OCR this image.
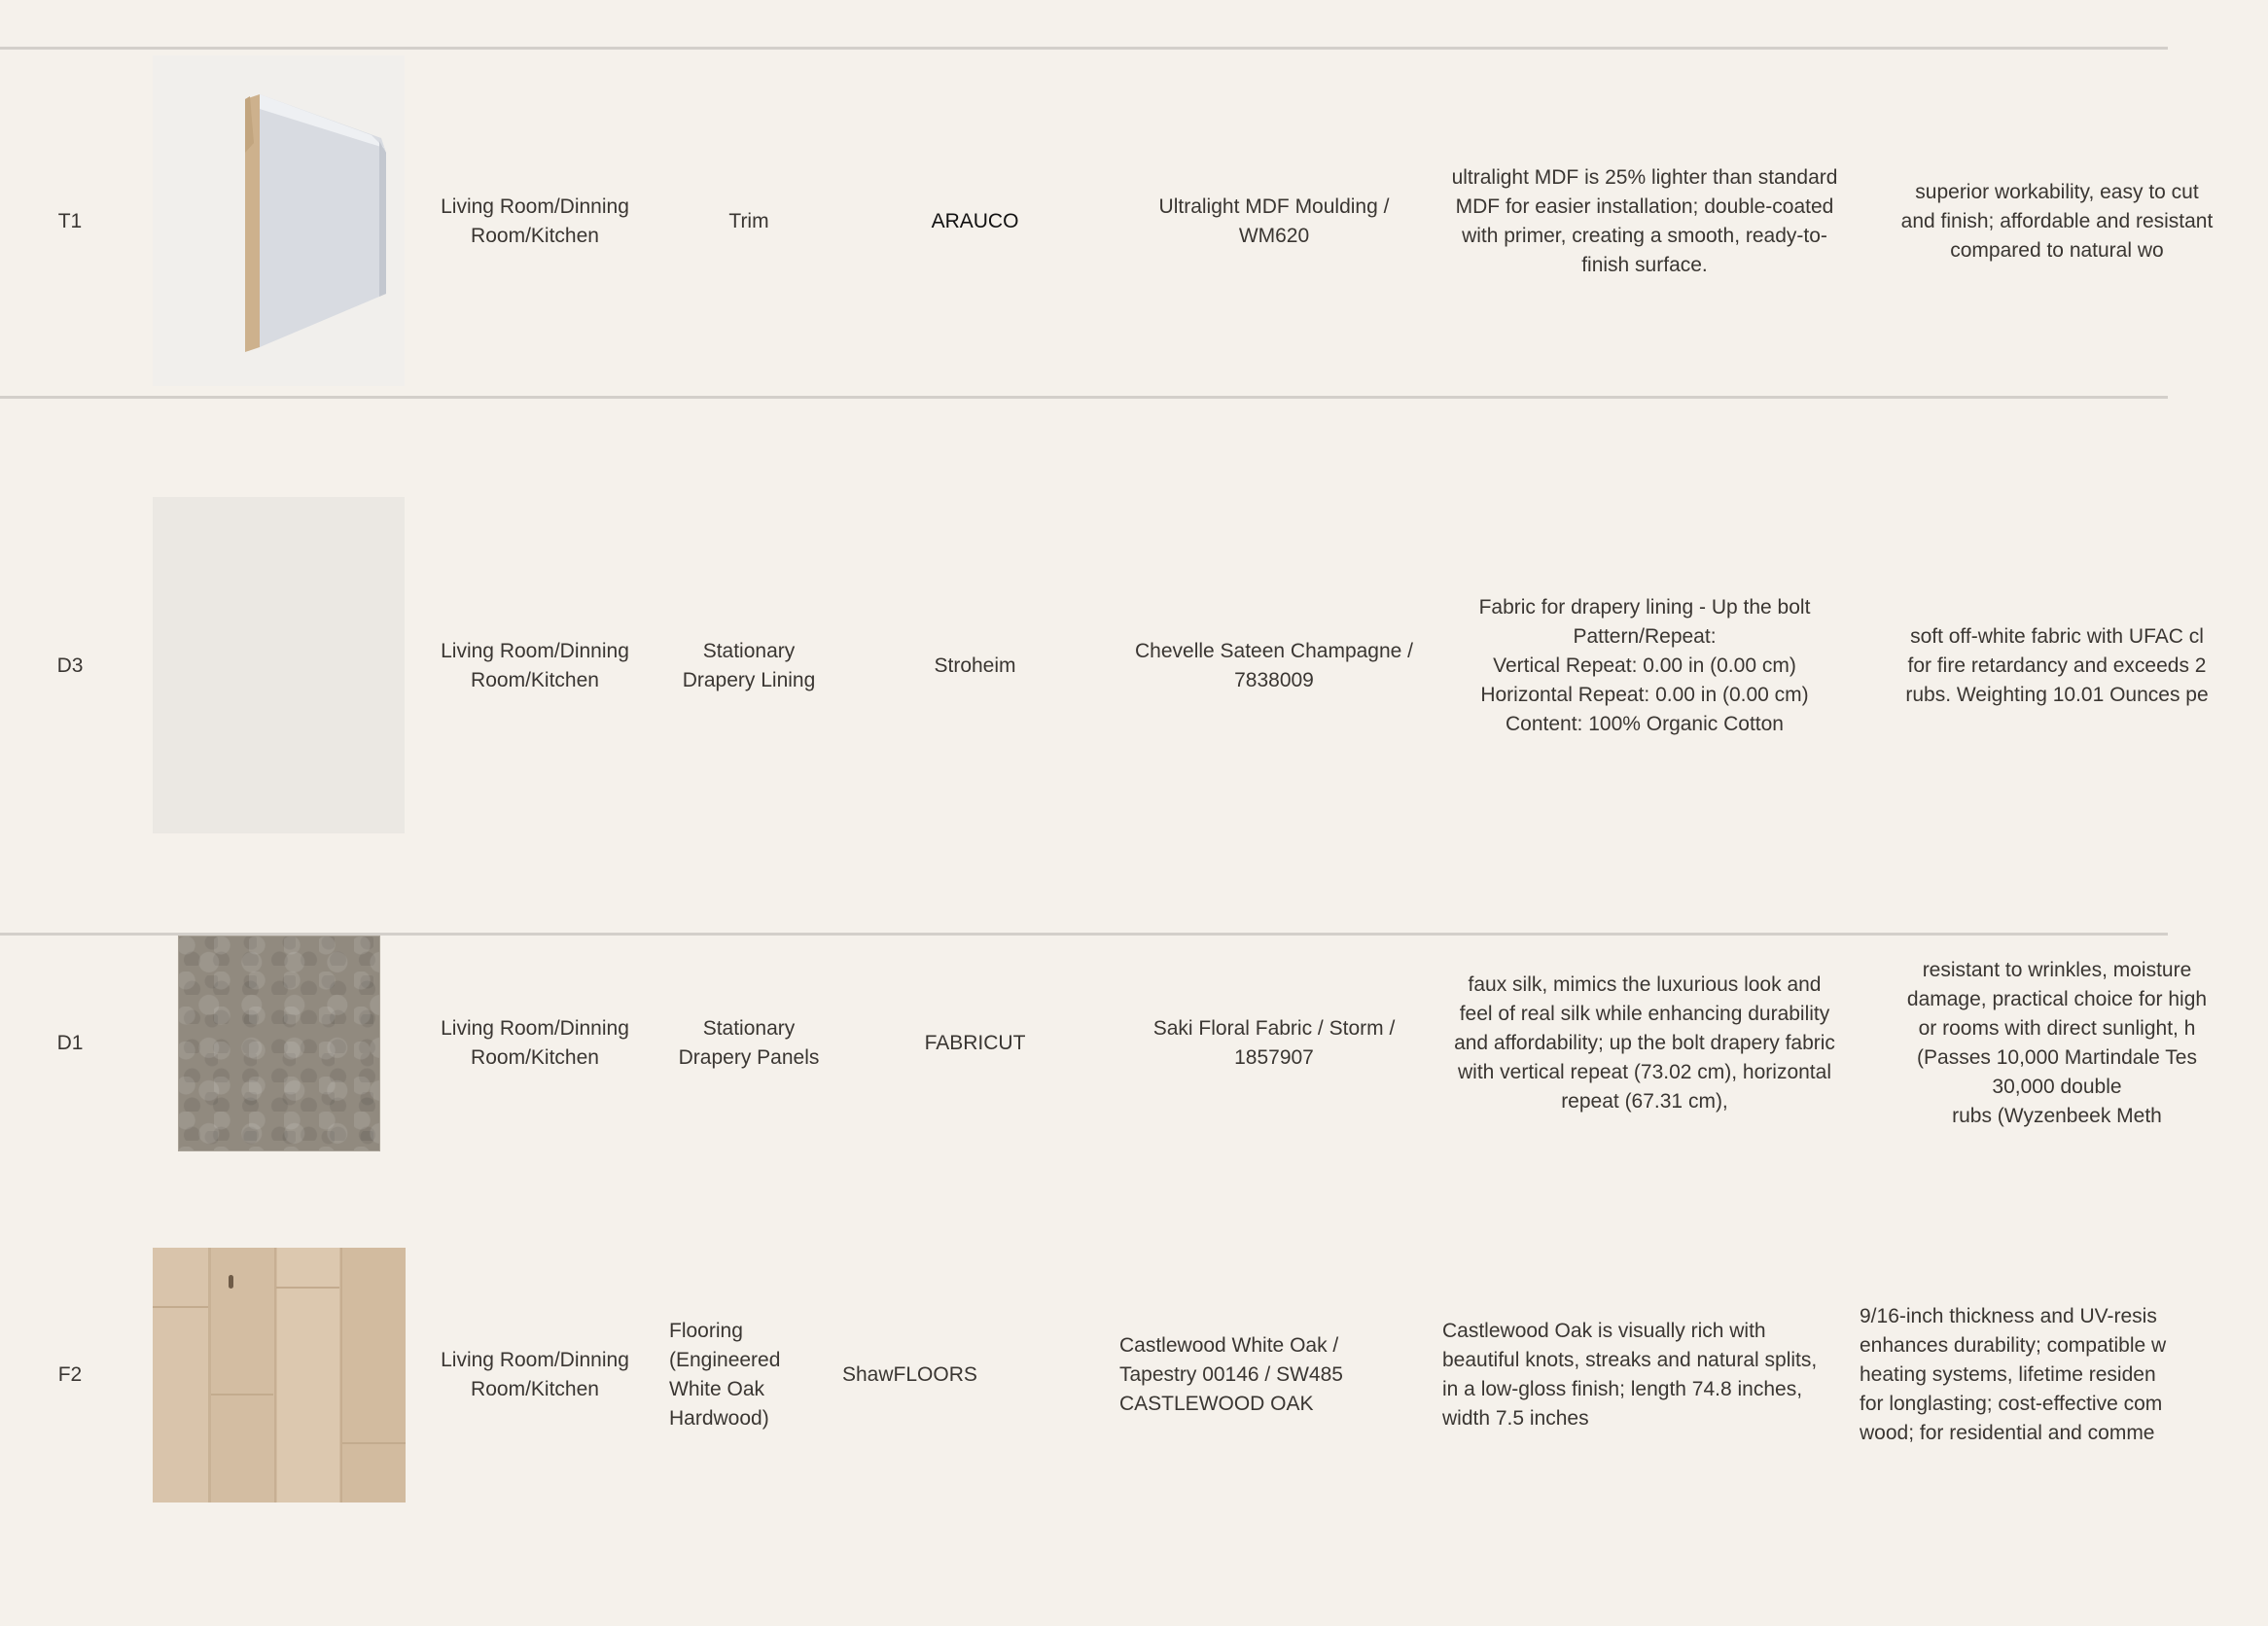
T1
Living Room/Dinning
Room/Kitchen
Trim	ARAUCO
Ultralight MDF Moulding /
WM620
ultralight MDF is 25% lighter than standard
MDF for easier installation; double-coated
with primer, creating a smooth, ready-to-
finish surface.
superior workability, easy to cut
and finish; affordable and resistant
compared to natural wo
D3
Living Room/Dinning
Room/Kitchen
Stationary
Drapery Lining
Stroheim
Chevelle Sateen Champagne /
7838009
Fabric for drapery lining - Up the bolt
Pattern/Repeat:
Vertical Repeat: 0.00 in (0.00 cm)
Horizontal Repeat: 0.00 in (0.00 cm)
Content: 100% Organic Cotton
soft off-white fabric with UFAC cl
for fire retardancy and exceeds 2
rubs. Weighting 10.01 Ounces pe
D1
Living Room/Dinning
Room/Kitchen
Stationary
Drapery Panels
FABRICUT
Saki Floral Fabric / Storm /
1857907
faux silk, mimics the luxurious look and
feel of real silk while enhancing durability
and affordability; up the bolt drapery fabric
with vertical repeat (73.02 cm), horizontal
repeat (67.31 cm),
resistant to wrinkles, moisture
damage, practical choice for high
or rooms with direct sunlight, h
(Passes 10,000 Martindale Tes
30,000 double
rubs (Wyzenbeek Meth
F2
Living Room/Dinning
Room/Kitchen
Flooring
(Engineered
White Oak
Hardwood)
ShawFLOORS
Castlewood White Oak /
Tapestry 00146 / SW485
CASTLEWOOD OAK
Castlewood Oak is visually rich with
beautiful knots, streaks and natural splits,
in a low-gloss finish; length 74.8 inches,
width 7.5 inches
9/16-inch thickness and UV-resis
enhances durability; compatible w
heating systems, lifetime residen
for longlasting; cost-effective com
wood; for residential and comme
